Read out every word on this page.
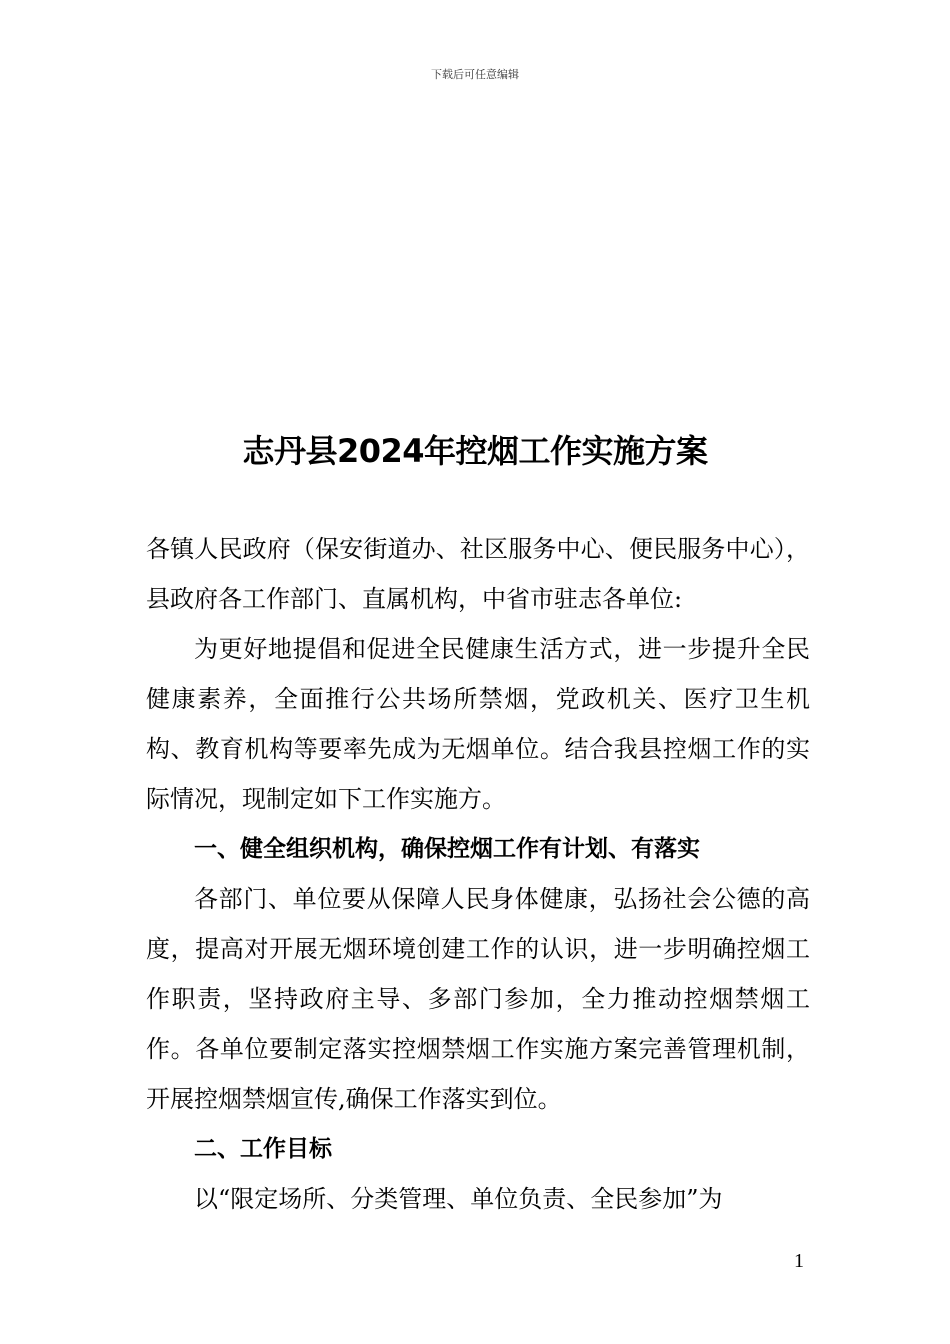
下载后可任意编辑
志丹县2024年控烟工作实施方案

各镇人民政府（保安街道办、社区服务中心、便民服务中心），县政府各工作部门、直属机构，中省市驻志各单位:

为更好地提倡和促进全民健康生活方式，进一步提升全民健康素养，全面推行公共场所禁烟，党政机关、医疗卫生机构、教育机构等要率先成为无烟单位。结合我县控烟工作的实际情况，现制定如下工作实施方。

一、健全组织机构，确保控烟工作有计划、有落实

各部门、单位要从保障人民身体健康，弘扬社会公德的高度，提高对开展无烟环境创建工作的认识，进一步明确控烟工作职责，坚持政府主导、多部门参加，全力推动控烟禁烟工作。各单位要制定落实控烟禁烟工作实施方案完善管理机制，开展控烟禁烟宣传,确保工作落实到位。

二、工作目标

以“限定场所、分类管理、单位负责、全民参加”为

1
